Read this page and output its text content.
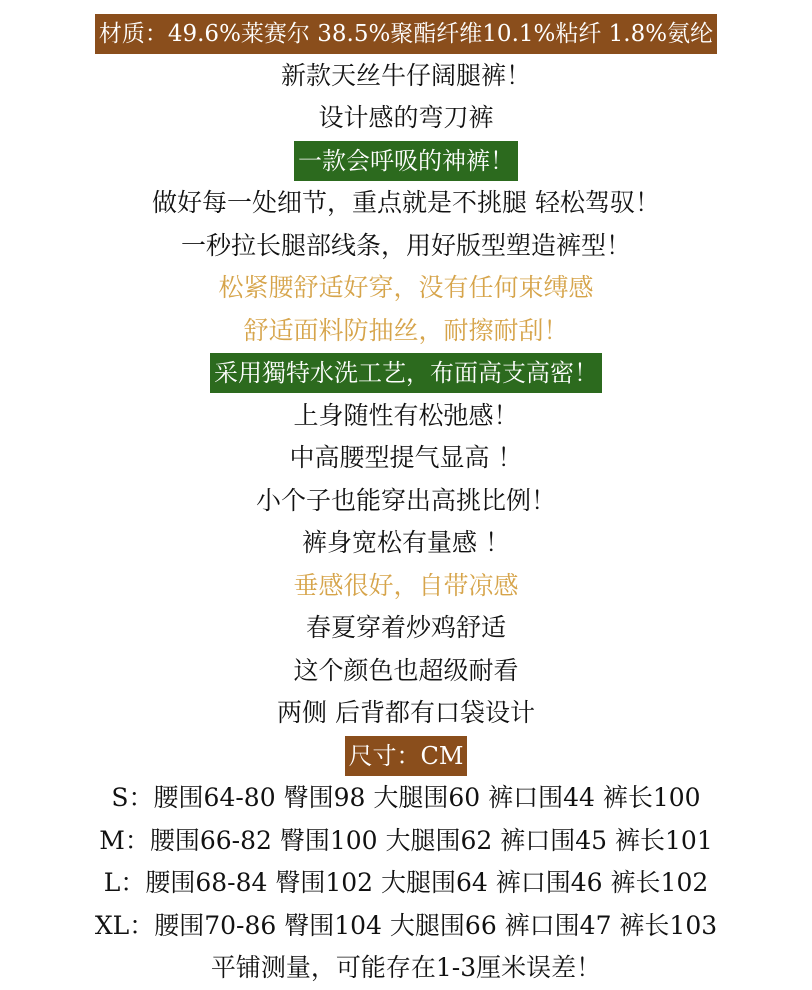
材质：49.6%莱赛尔 38.5%聚酯纤维10.1%粘纤 1.8%氨纶
新款天丝牛仔阔腿裤！
设计感的弯刀裤
一款会呼吸的神裤！
做好每一处细节，重点就是不挑腿 轻松驾驭！
一秒拉长腿部线条，用好版型塑造裤型！
松紧腰舒适好穿，没有任何束缚感
舒适面料防抽丝，耐擦耐刮！
采用獨特水洗工艺，布面高支高密！
上身随性有松弛感！
中高腰型提气显高 ！
小个子也能穿出高挑比例！
裤身宽松有量感 ！
垂感很好，自带凉感
春夏穿着炒鸡舒适
这个颜色也超级耐看
两侧 后背都有口袋设计
尺寸：CM
S：腰围64-80 臀围98 大腿围60 裤口围44 裤长100
M：腰围66-82 臀围100 大腿围62 裤口围45 裤长101
L：腰围68-84 臀围102 大腿围64 裤口围46 裤长102
XL：腰围70-86 臀围104 大腿围66 裤口围47 裤长103
平铺测量，可能存在1-3厘米误差！
